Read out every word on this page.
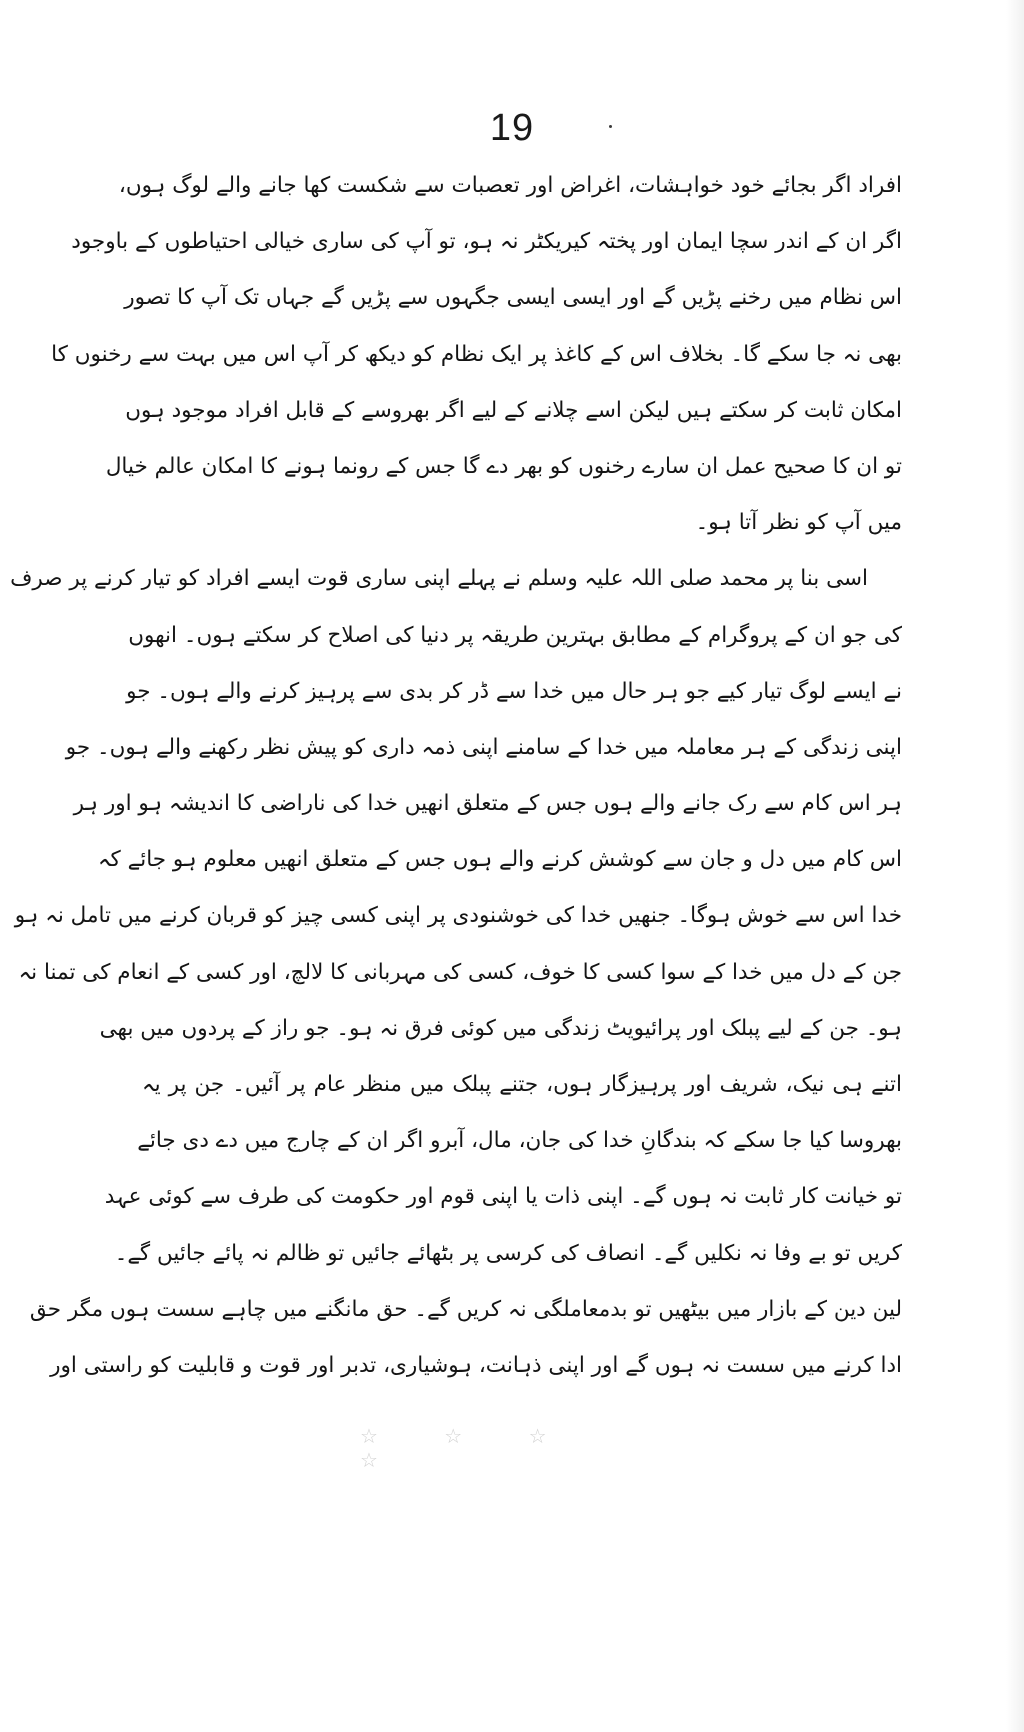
19
افراد اگر بجائے خود خواہشات، اغراض اور تعصبات سے شکست کھا جانے والے لوگ ہوں،
اگر ان کے اندر سچا ایمان اور پختہ کیریکٹر نہ ہو، تو آپ کی ساری خیالی احتیاطوں کے باوجود
اس نظام میں رخنے پڑیں گے اور ایسی ایسی جگہوں سے پڑیں گے جہاں تک آپ کا تصور
بھی نہ جا سکے گا۔ بخلاف اس کے کاغذ پر ایک نظام کو دیکھ کر آپ اس میں بہت سے رخنوں کا
امکان ثابت کر سکتے ہیں لیکن اسے چلانے کے لیے اگر بھروسے کے قابل افراد موجود ہوں
تو ان کا صحیح عمل ان سارے رخنوں کو بھر دے گا جس کے رونما ہونے کا امکان عالم خیال
میں آپ کو نظر آتا ہو۔
اسی بنا پر محمد صلی اللہ علیہ وسلم نے پہلے اپنی ساری قوت ایسے افراد کو تیار کرنے پر صرف
کی جو ان کے پروگرام کے مطابق بہترین طریقہ پر دنیا کی اصلاح کر سکتے ہوں۔ انھوں
نے ایسے لوگ تیار کیے جو ہر حال میں خدا سے ڈر کر بدی سے پرہیز کرنے والے ہوں۔ جو
اپنی زندگی کے ہر معاملہ میں خدا کے سامنے اپنی ذمہ داری کو پیش نظر رکھنے والے ہوں۔ جو
ہر اس کام سے رک جانے والے ہوں جس کے متعلق انھیں خدا کی ناراضی کا اندیشہ ہو اور ہر
اس کام میں دل و جان سے کوشش کرنے والے ہوں جس کے متعلق انھیں معلوم ہو جائے کہ
خدا اس سے خوش ہوگا۔ جنھیں خدا کی خوشنودی پر اپنی کسی چیز کو قربان کرنے میں تامل نہ ہو
جن کے دل میں خدا کے سوا کسی کا خوف، کسی کی مہربانی کا لالچ، اور کسی کے انعام کی تمنا نہ
ہو۔ جن کے لیے پبلک اور پرائیویٹ زندگی میں کوئی فرق نہ ہو۔ جو راز کے پردوں میں بھی
اتنے ہی نیک، شریف اور پرہیزگار ہوں، جتنے پبلک میں منظر عام پر آئیں۔ جن پر یہ
بھروسا کیا جا سکے کہ بندگانِ خدا کی جان، مال، آبرو اگر ان کے چارج میں دے دی جائے
تو خیانت کار ثابت نہ ہوں گے۔ اپنی ذات یا اپنی قوم اور حکومت کی طرف سے کوئی عہد
کریں تو بے وفا نہ نکلیں گے۔ انصاف کی کرسی پر بٹھائے جائیں تو ظالم نہ پائے جائیں گے۔
لین دین کے بازار میں بیٹھیں تو بدمعاملگی نہ کریں گے۔ حق مانگنے میں چاہے سست ہوں مگر حق
ادا کرنے میں سست نہ ہوں گے اور اپنی ذہانت، ہوشیاری، تدبر اور قوت و قابلیت کو راستی اور
☆ ☆ ☆ ☆
